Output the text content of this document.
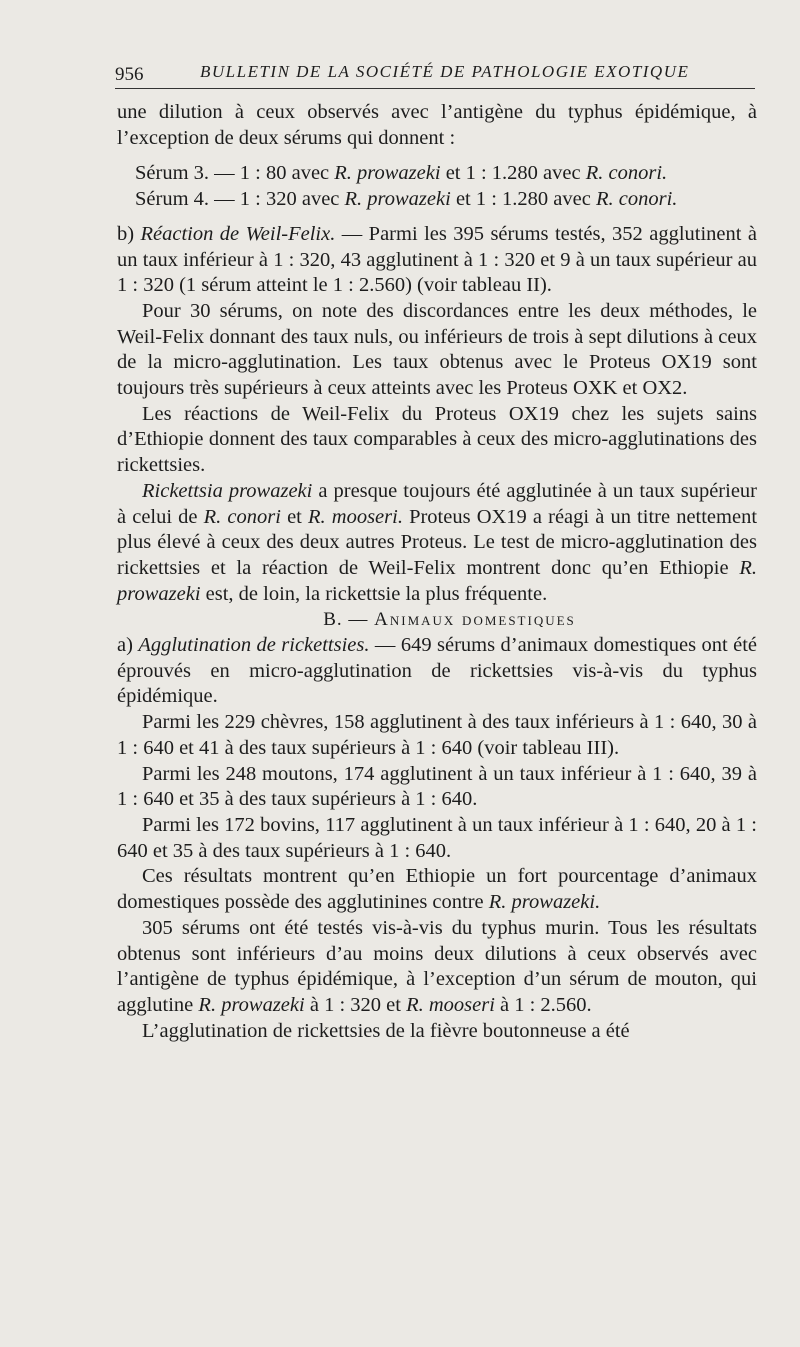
956	BULLETIN DE LA SOCIÉTÉ DE PATHOLOGIE EXOTIQUE

une dilution à ceux observés avec l’antigène du typhus épidémique, à l’exception de deux sérums qui donnent :

Sérum 3. — 1 : 80 avec R. prowazeki et 1 : 1.280 avec R. conori.

Sérum 4. — 1 : 320 avec R. prowazeki et 1 : 1.280 avec R. conori.

b) Réaction de Weil-Felix. — Parmi les 395 sérums testés, 352 agglutinent à un taux inférieur à 1 : 320, 43 agglutinent à 1 : 320 et 9 à un taux supérieur au 1 : 320 (1 sérum atteint le 1 : 2.560) (voir tableau II).

Pour 30 sérums, on note des discordances entre les deux méthodes, le Weil-Felix donnant des taux nuls, ou inférieurs de trois à sept dilutions à ceux de la micro-agglutination. Les taux obtenus avec le Proteus OX19 sont toujours très supérieurs à ceux atteints avec les Proteus OXK et OX2.

Les réactions de Weil-Felix du Proteus OX19 chez les sujets sains d’Ethiopie donnent des taux comparables à ceux des micro-agglutinations des rickettsies.

Rickettsia prowazeki a presque toujours été agglutinée à un taux supérieur à celui de R. conori et R. mooseri. Proteus OX19 a réagi à un titre nettement plus élevé à ceux des deux autres Proteus. Le test de micro-agglutination des rickettsies et la réaction de Weil-Felix montrent donc qu’en Ethiopie R. prowazeki est, de loin, la rickettsie la plus fréquente.

B. — Animaux domestiques

a) Agglutination de rickettsies. — 649 sérums d’animaux domestiques ont été éprouvés en micro-agglutination de rickettsies vis-à-vis du typhus épidémique.

Parmi les 229 chèvres, 158 agglutinent à des taux inférieurs à 1 : 640, 30 à 1 : 640 et 41 à des taux supérieurs à 1 : 640 (voir tableau III).

Parmi les 248 moutons, 174 agglutinent à un taux inférieur à 1 : 640, 39 à 1 : 640 et 35 à des taux supérieurs à 1 : 640.

Parmi les 172 bovins, 117 agglutinent à un taux inférieur à 1 : 640, 20 à 1 : 640 et 35 à des taux supérieurs à 1 : 640.

Ces résultats montrent qu’en Ethiopie un fort pourcentage d’animaux domestiques possède des agglutinines contre R. prowazeki.

305 sérums ont été testés vis-à-vis du typhus murin. Tous les résultats obtenus sont inférieurs d’au moins deux dilutions à ceux observés avec l’antigène de typhus épidémique, à l’exception d’un sérum de mouton, qui agglutine R. prowazeki à 1 : 320 et R. mooseri à 1 : 2.560.

L’agglutination de rickettsies de la fièvre boutonneuse a été
